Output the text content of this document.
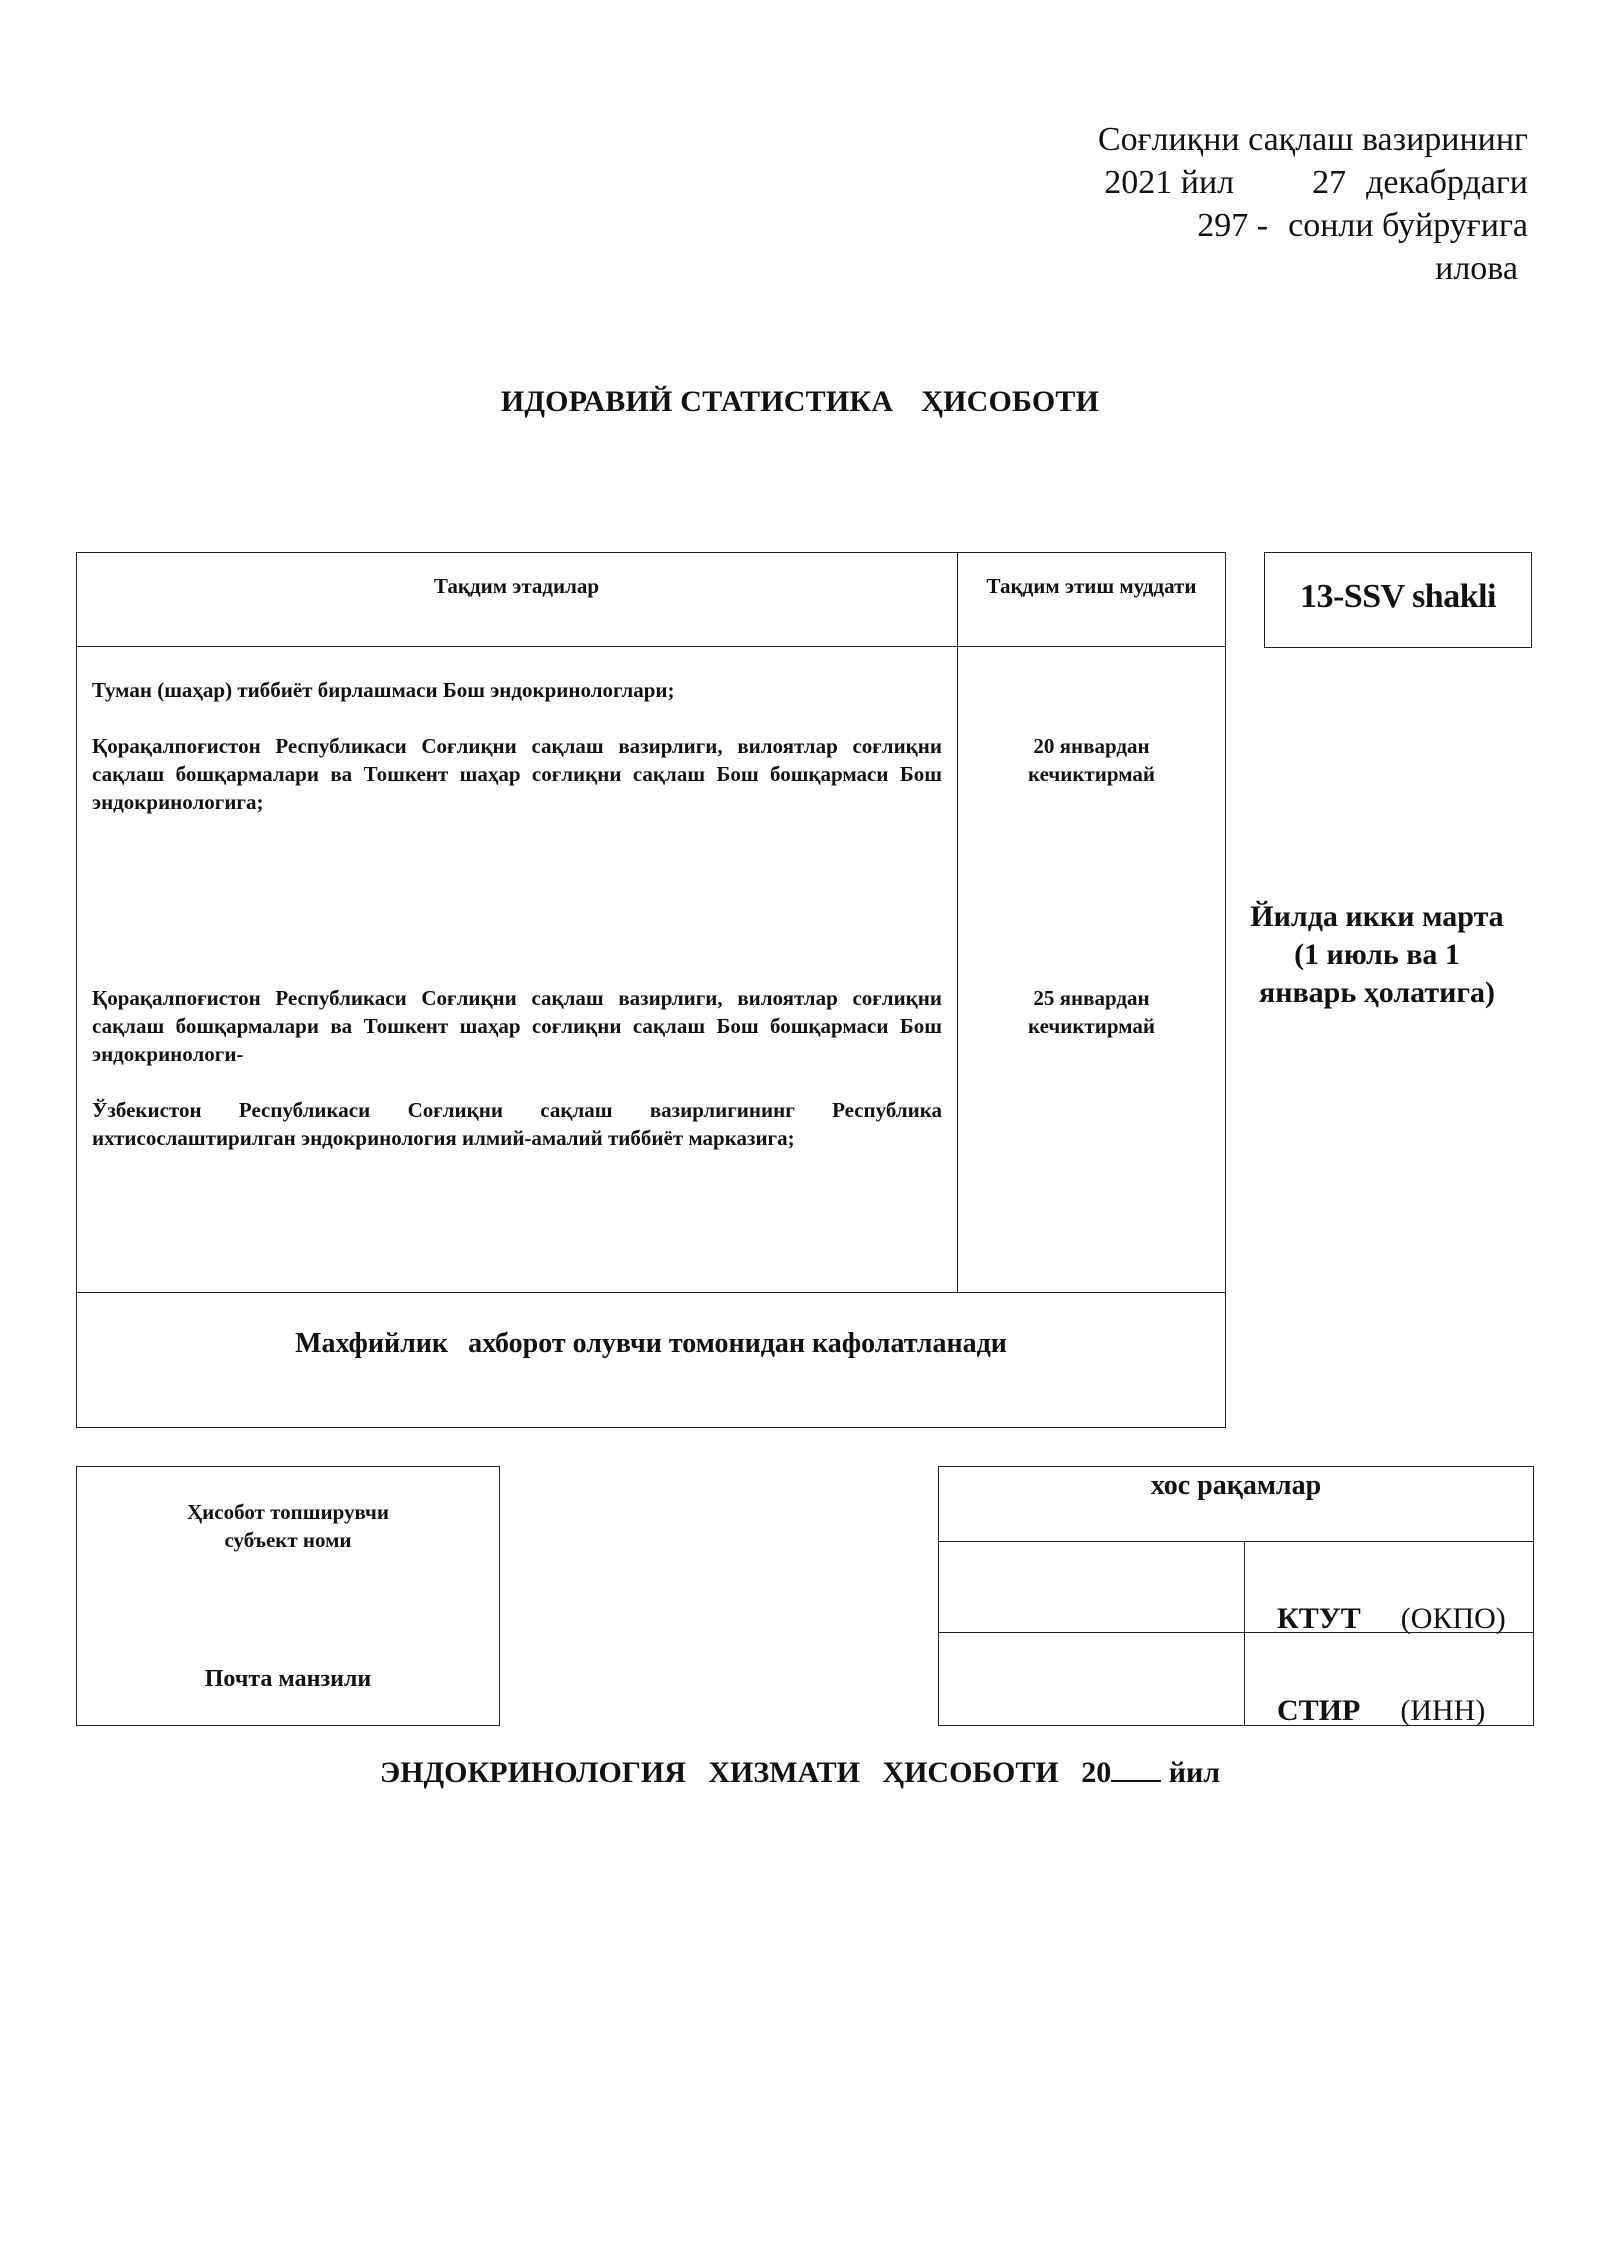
Соғлиқни сақлаш вазирининг
2021 йил 27 декабрдаги
297 - сонли буйруғига
илова
ИДОРАВИЙ СТАТИСТИКА ҲИСОБОТИ
Тақдим этадилар	Тақдим этиш муддати
Туман (шаҳар) тиббиёт бирлашмаси Бош эндокринологлари;
Қорақалпоғистон Республикаси Соғлиқни сақлаш вазирлиги, вилоятлар соғлиқни сақлаш бошқармалари ва Тошкент шаҳар соғлиқни сақлаш Бош бошқармаси Бош эндокринологига;
Қорақалпоғистон Республикаси Соғлиқни сақлаш вазирлиги, вилоятлар соғлиқни сақлаш бошқармалари ва Тошкент шаҳар соғлиқни сақлаш Бош бошқармаси Бош эндокринологи-
Ўзбекистон Республикаси Соғлиқни сақлаш вазирлигининг Республика ихтисослаштирилган эндокринология илмий-амалий тиббиёт марказига;
20 январдан
кечиктирмай
25 январдан
кечиктирмай
Махфийлик ахборот олувчи томонидан кафолатланади
13-SSV shakli
Йилда икки марта
(1 июль ва 1
январь ҳолатига)
Ҳисобот топширувчи
субъект номи
Почта манзили
хос рақамлар

КТУТ (ОКПО)

СТИР (ИНН)

ЭНДОКРИНОЛОГИЯ ХИЗМАТИ ҲИСОБОТИ 20 йил
